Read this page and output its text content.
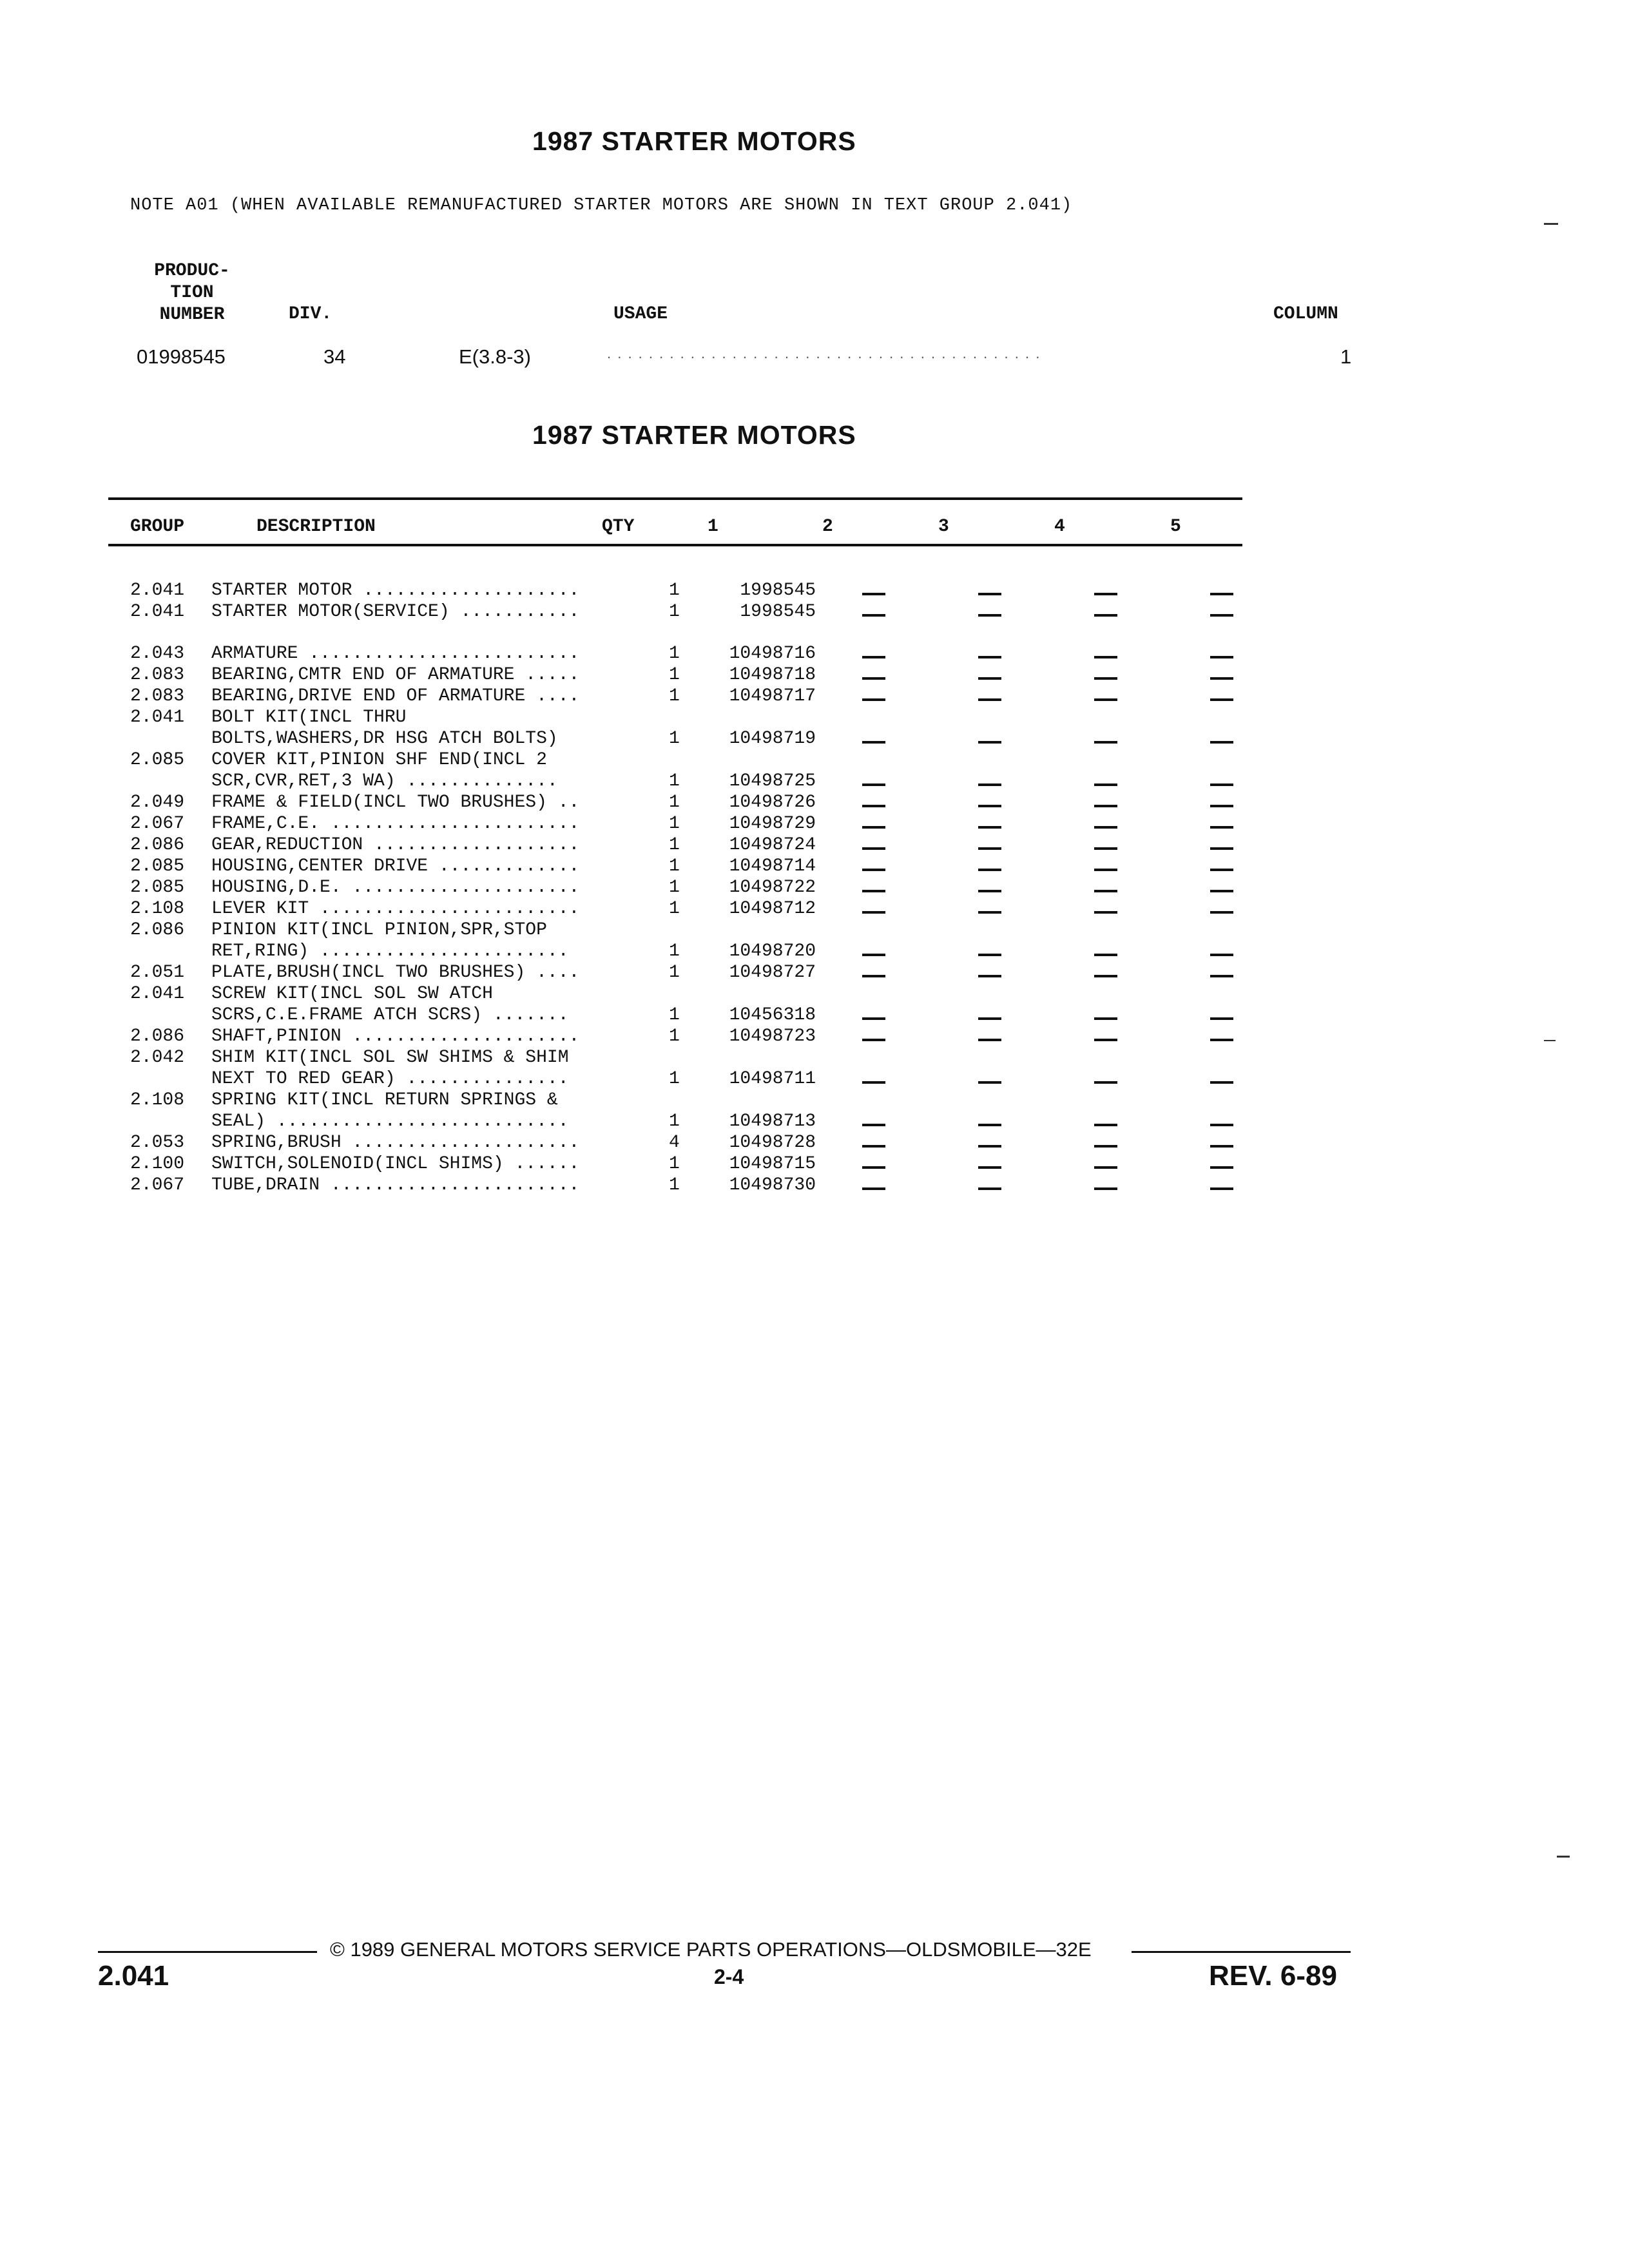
1987 STARTER MOTORS
NOTE A01 (WHEN AVAILABLE REMANUFACTURED STARTER MOTORS ARE SHOWN IN TEXT GROUP 2.041)
PRODUC-
TION
NUMBER	DIV.	USAGE	COLUMN
01998545	34	E(3.8-3)	. . . . . . . . . . . . . . . . . . . . . . . . . . . . . . . . . . . . . . . . . .	1
1987 STARTER MOTORS
GROUP	DESCRIPTION	QTY	1	2	3	4	5
2.041	STARTER MOTOR ....................	1	1998545				
2.041	STARTER MOTOR(SERVICE) ...........	1	1998545				

2.043	ARMATURE .........................	1	10498716				
2.083	BEARING,CMTR END OF ARMATURE .....	1	10498718				
2.083	BEARING,DRIVE END OF ARMATURE ....	1	10498717				
2.041	BOLT KIT(INCL THRU						
	BOLTS,WASHERS,DR HSG ATCH BOLTS)	1	10498719				
2.085	COVER KIT,PINION SHF END(INCL 2						
	SCR,CVR,RET,3 WA) ..............	1	10498725				
2.049	FRAME & FIELD(INCL TWO BRUSHES) ..	1	10498726				
2.067	FRAME,C.E. .......................	1	10498729				
2.086	GEAR,REDUCTION ...................	1	10498724				
2.085	HOUSING,CENTER DRIVE .............	1	10498714				
2.085	HOUSING,D.E. .....................	1	10498722				
2.108	LEVER KIT ........................	1	10498712				
2.086	PINION KIT(INCL PINION,SPR,STOP						
	RET,RING) .......................	1	10498720				
2.051	PLATE,BRUSH(INCL TWO BRUSHES) ....	1	10498727				
2.041	SCREW KIT(INCL SOL SW ATCH						
	SCRS,C.E.FRAME ATCH SCRS) .......	1	10456318				
2.086	SHAFT,PINION .....................	1	10498723				
2.042	SHIM KIT(INCL SOL SW SHIMS & SHIM						
	NEXT TO RED GEAR) ...............	1	10498711				
2.108	SPRING KIT(INCL RETURN SPRINGS &						
	SEAL) ...........................	1	10498713				
2.053	SPRING,BRUSH .....................	4	10498728				
2.100	SWITCH,SOLENOID(INCL SHIMS) ......	1	10498715				
2.067	TUBE,DRAIN .......................	1	10498730				
© 1989 GENERAL MOTORS SERVICE PARTS OPERATIONS—OLDSMOBILE—32E
2.041	2-4	REV. 6-89
